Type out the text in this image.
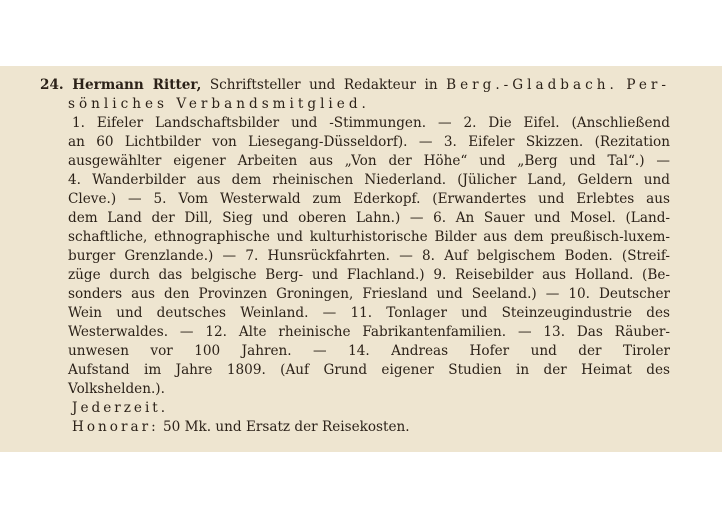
24. Hermann Ritter, Schriftsteller und Redakteur in Berg.-Gladbach. Per-
sönliches Verbandsmitglied.
1. Eifeler Landschaftsbilder und -Stimmungen. — 2. Die Eifel. (Anschließend
an 60 Lichtbilder von Liesegang-Düsseldorf). — 3. Eifeler Skizzen. (Rezitation
ausgewählter eigener Arbeiten aus „Von der Höhe“ und „Berg und Tal“.) —
4. Wanderbilder aus dem rheinischen Niederland. (Jülicher Land, Geldern und
Cleve.) — 5. Vom Westerwald zum Ederkopf. (Erwandertes und Erlebtes aus
dem Land der Dill, Sieg und oberen Lahn.) — 6. An Sauer und Mosel. (Land-
schaftliche, ethnographische und kulturhistorische Bilder aus dem preußisch-luxem-
burger Grenzlande.) — 7. Hunsrückfahrten. — 8. Auf belgischem Boden. (Streif-
züge durch das belgische Berg- und Flachland.) 9. Reisebilder aus Holland. (Be-
sonders aus den Provinzen Groningen, Friesland und Seeland.) — 10. Deutscher
Wein und deutsches Weinland. — 11. Tonlager und Steinzeugindustrie des
Westerwaldes. — 12. Alte rheinische Fabrikantenfamilien. — 13. Das Räuber-
unwesen vor 100 Jahren. — 14. Andreas Hofer und der Tiroler
Aufstand im Jahre 1809. (Auf Grund eigener Studien in der Heimat des
Volkshelden.).
Jederzeit.
Honorar: 50 Mk. und Ersatz der Reisekosten.
